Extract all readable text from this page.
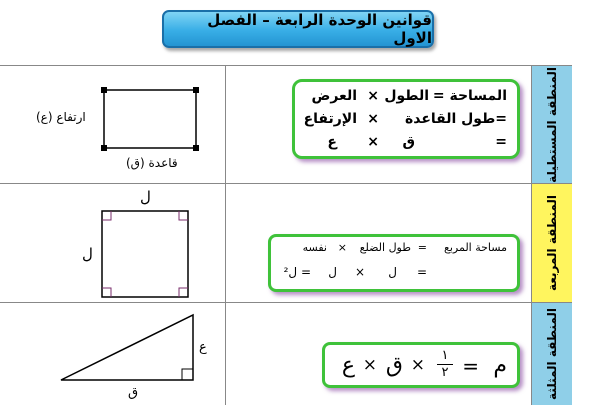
قوانين الوحدة الرابعة – الفصل الاول
المنطقة المستطيلة
المنطقة المربعة
المنطقة المثلثة
المساحة =
الطول
×
العرض
=طول القاعدة
×
الإرتفاع
=
ق
×
ع
ارتفاع (ع)
قاعدة (ق)
مساحة المربع
=
طول الضلع
×
نفسه
=
ل
×
ل
= ل²
ل
ل
م
=
١
٢
×
ق
×
ع
ع
ق
